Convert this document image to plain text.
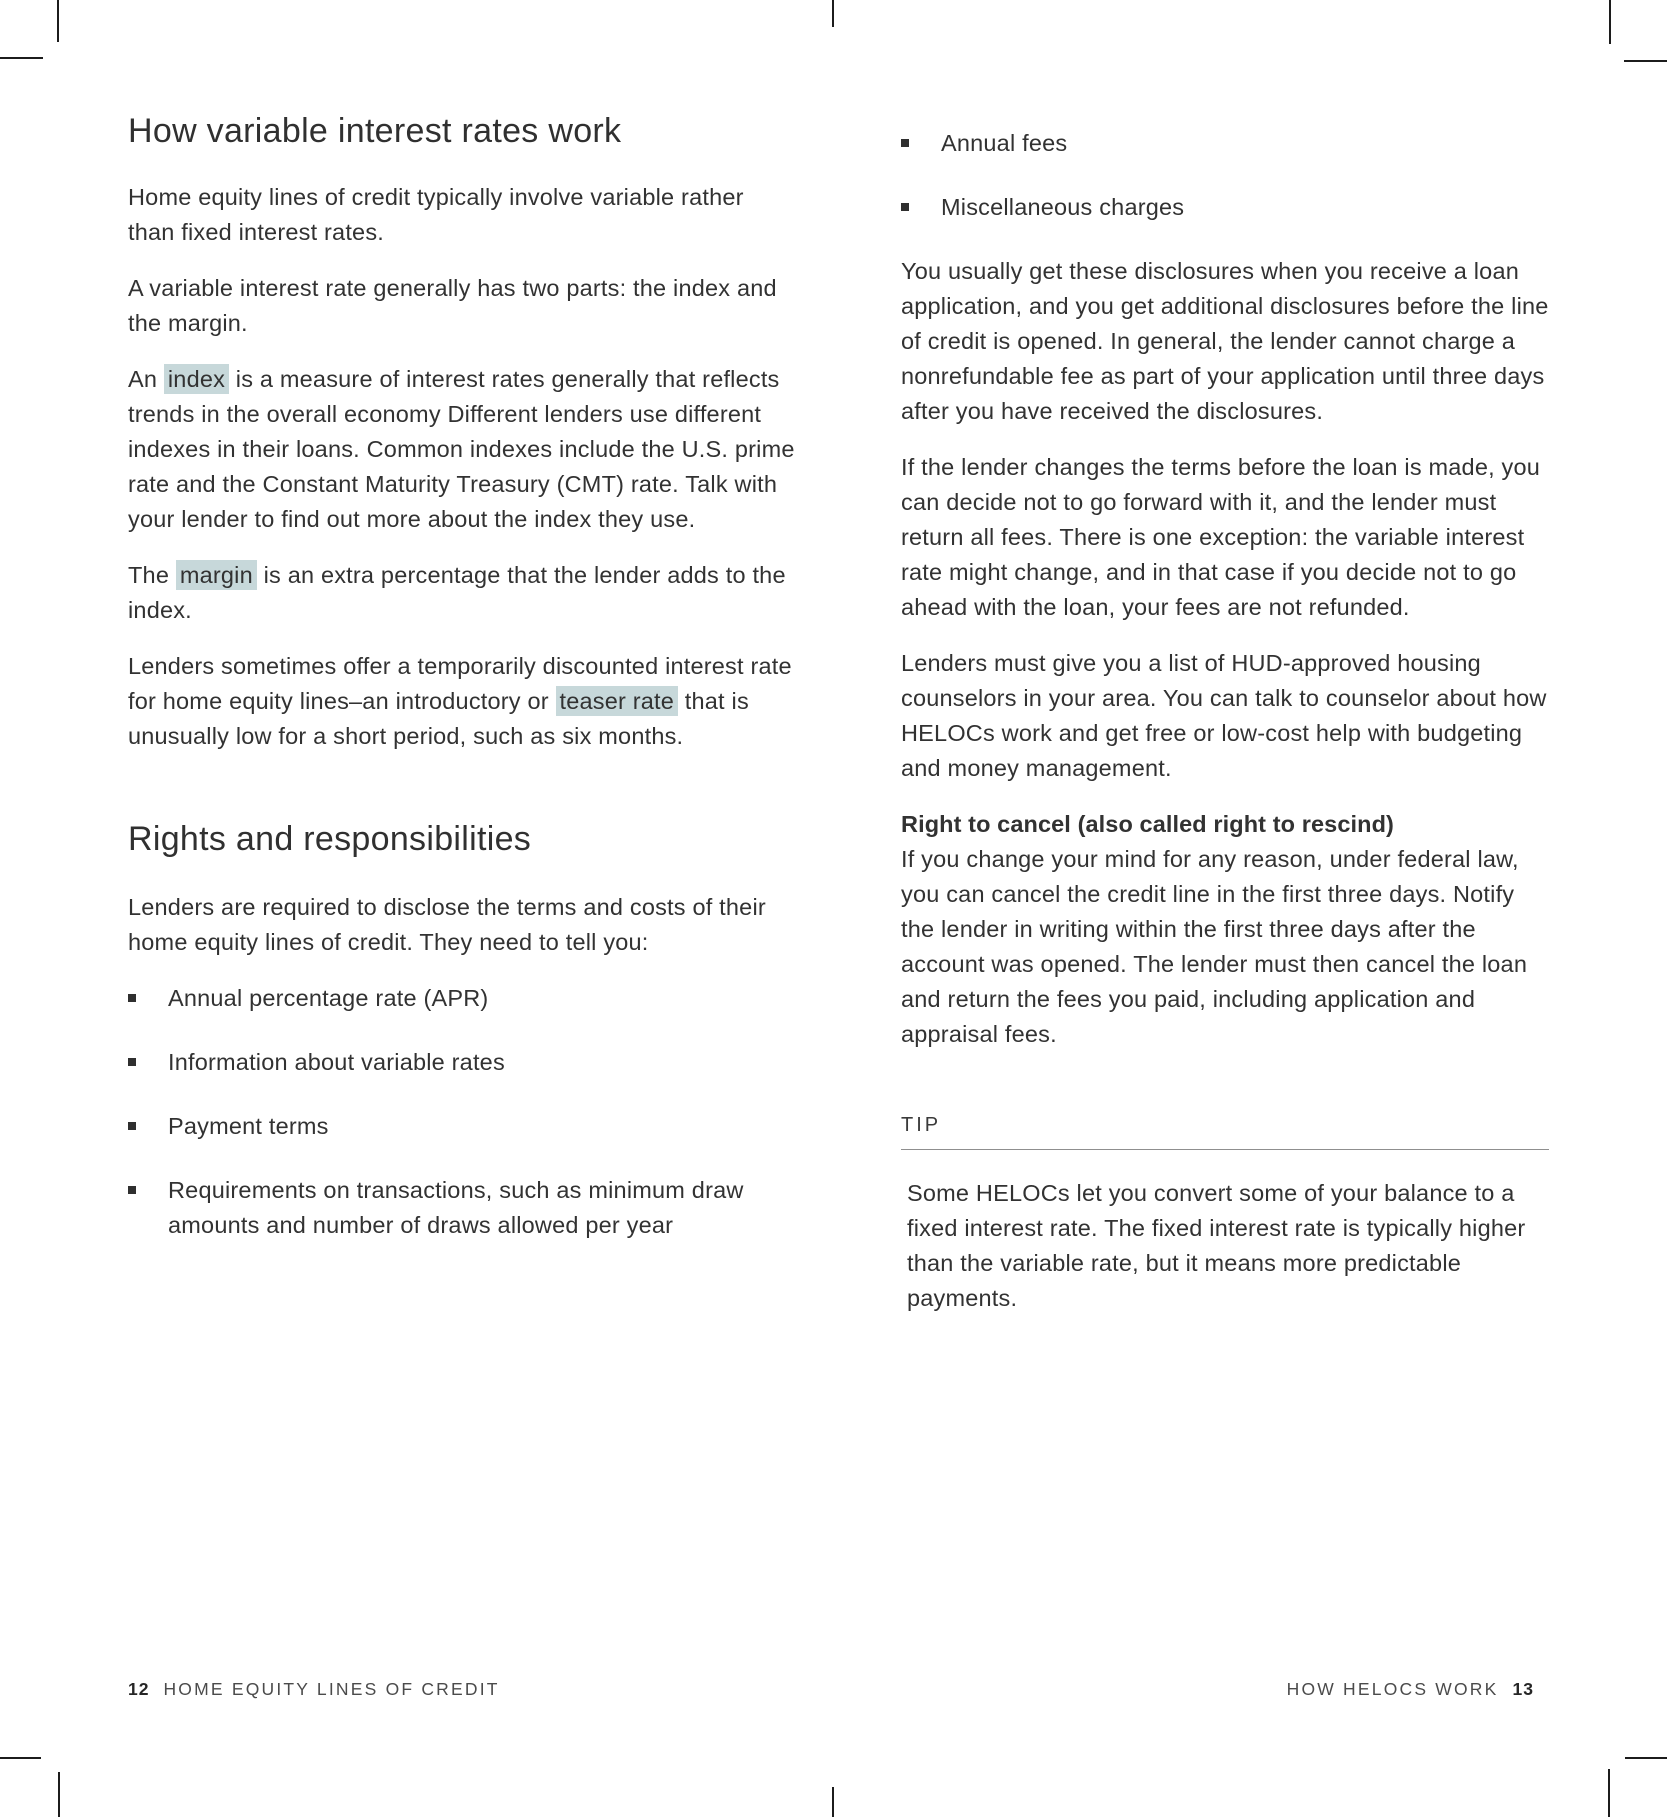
How variable interest rates work

Home equity lines of credit typically involve variable rather than fixed interest rates.

A variable interest rate generally has two parts: the index and the margin.

An index is a measure of interest rates generally that reflects trends in the overall economy Different lenders use different indexes in their loans. Common indexes include the U.S. prime rate and the Constant Maturity Treasury (CMT) rate. Talk with your lender to find out more about the index they use.

The margin is an extra percentage that the lender adds to the index.

Lenders sometimes offer a temporarily discounted interest rate for home equity lines–an introductory or teaser rate that is unusually low for a short period, such as six months.

Rights and responsibilities

Lenders are required to disclose the terms and costs of their home equity lines of credit. They need to tell you:

Annual percentage rate (APR)
Information about variable rates
Payment terms
Requirements on transactions, such as minimum draw amounts and number of draws allowed per year
Annual fees
Miscellaneous charges

You usually get these disclosures when you receive a loan application, and you get additional disclosures before the line of credit is opened. In general, the lender cannot charge a nonrefundable fee as part of your application until three days after you have received the disclosures.

If the lender changes the terms before the loan is made, you can decide not to go forward with it, and the lender must return all fees. There is one exception: the variable interest rate might change, and in that case if you decide not to go ahead with the loan, your fees are not refunded.

Lenders must give you a list of HUD-approved housing counselors in your area. You can talk to counselor about how HELOCs work and get free or low-cost help with budgeting and money management.

Right to cancel (also called right to rescind)
If you change your mind for any reason, under federal law, you can cancel the credit line in the first three days. Notify the lender in writing within the first three days after the account was opened. The lender must then cancel the loan and return the fees you paid, including application and appraisal fees.

TIP

Some HELOCs let you convert some of your balance to a fixed interest rate. The fixed interest rate is typically higher than the variable rate, but it means more predictable payments.

12 HOME EQUITY LINES OF CREDIT	HOW HELOCS WORK 13
